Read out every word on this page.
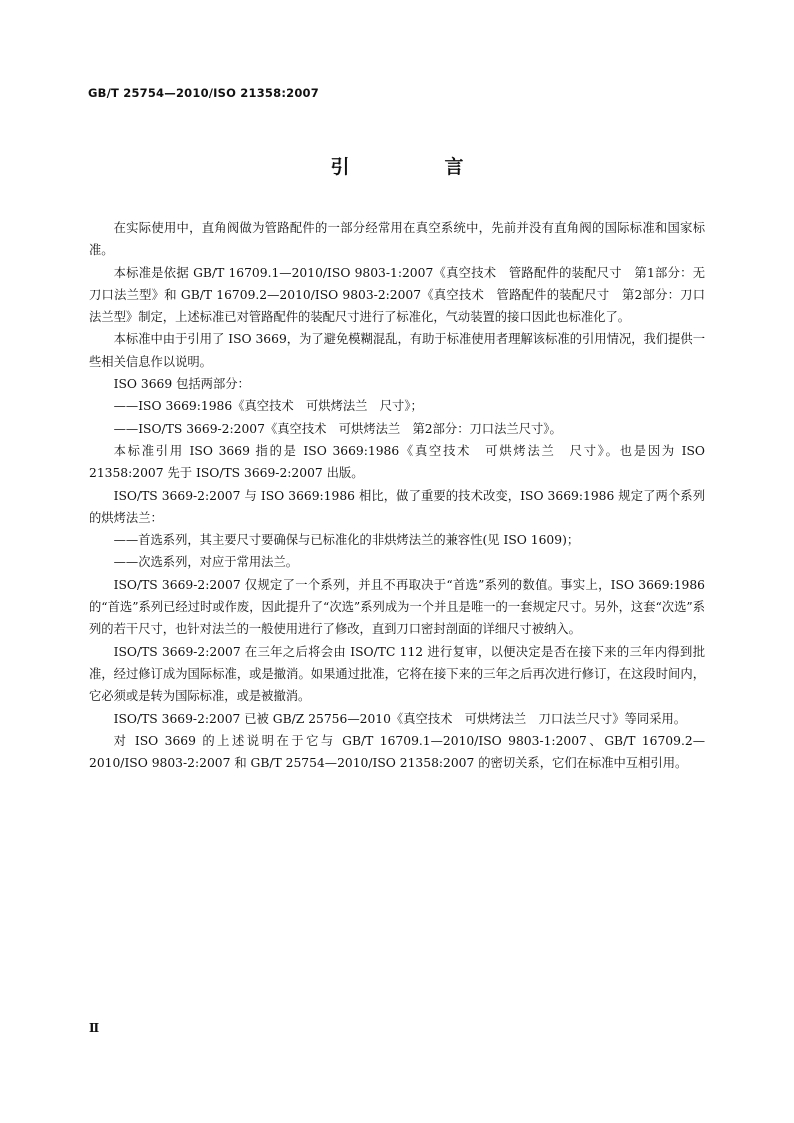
GB/T 25754—2010/ISO 21358:2007
引　言

在实际使用中，直角阀做为管路配件的一部分经常用在真空系统中，先前并没有直角阀的国际标准和国家标准。

本标准是依据 GB/T 16709.1—2010/ISO 9803-1:2007《真空技术　管路配件的装配尺寸　第1部分：无刀口法兰型》和 GB/T 16709.2—2010/ISO 9803-2:2007《真空技术　管路配件的装配尺寸　第2部分：刀口法兰型》制定，上述标准已对管路配件的装配尺寸进行了标准化，气动装置的接口因此也标准化了。

本标准中由于引用了 ISO 3669，为了避免模糊混乱，有助于标准使用者理解该标准的引用情况，我们提供一些相关信息作以说明。

ISO 3669 包括两部分：

——ISO 3669:1986《真空技术　可烘烤法兰　尺寸》；

——ISO/TS 3669-2:2007《真空技术　可烘烤法兰　第2部分：刀口法兰尺寸》。

本标准引用 ISO 3669 指的是 ISO 3669:1986《真空技术　可烘烤法兰　尺寸》。也是因为 ISO 21358:2007 先于 ISO/TS 3669-2:2007 出版。

ISO/TS 3669-2:2007 与 ISO 3669:1986 相比，做了重要的技术改变，ISO 3669:1986 规定了两个系列的烘烤法兰：

——首选系列，其主要尺寸要确保与已标准化的非烘烤法兰的兼容性(见 ISO 1609)；

——次选系列，对应于常用法兰。

ISO/TS 3669-2:2007 仅规定了一个系列，并且不再取决于“首选”系列的数值。事实上，ISO 3669:1986 的“首选”系列已经过时或作废，因此提升了“次选”系列成为一个并且是唯一的一套规定尺寸。另外，这套“次选”系列的若干尺寸，也针对法兰的一般使用进行了修改，直到刀口密封剖面的详细尺寸被纳入。

ISO/TS 3669-2:2007 在三年之后将会由 ISO/TC 112 进行复审，以便决定是否在接下来的三年内得到批准，经过修订成为国际标准，或是撤消。如果通过批准，它将在接下来的三年之后再次进行修订，在这段时间内，它必须或是转为国际标准，或是被撤消。

ISO/TS 3669-2:2007 已被 GB/Z 25756—2010《真空技术　可烘烤法兰　刀口法兰尺寸》等同采用。

对 ISO 3669 的上述说明在于它与 GB/T 16709.1—2010/ISO 9803-1:2007、GB/T 16709.2—2010/ISO 9803-2:2007 和 GB/T 25754—2010/ISO 21358:2007 的密切关系，它们在标准中互相引用。

Ⅱ
